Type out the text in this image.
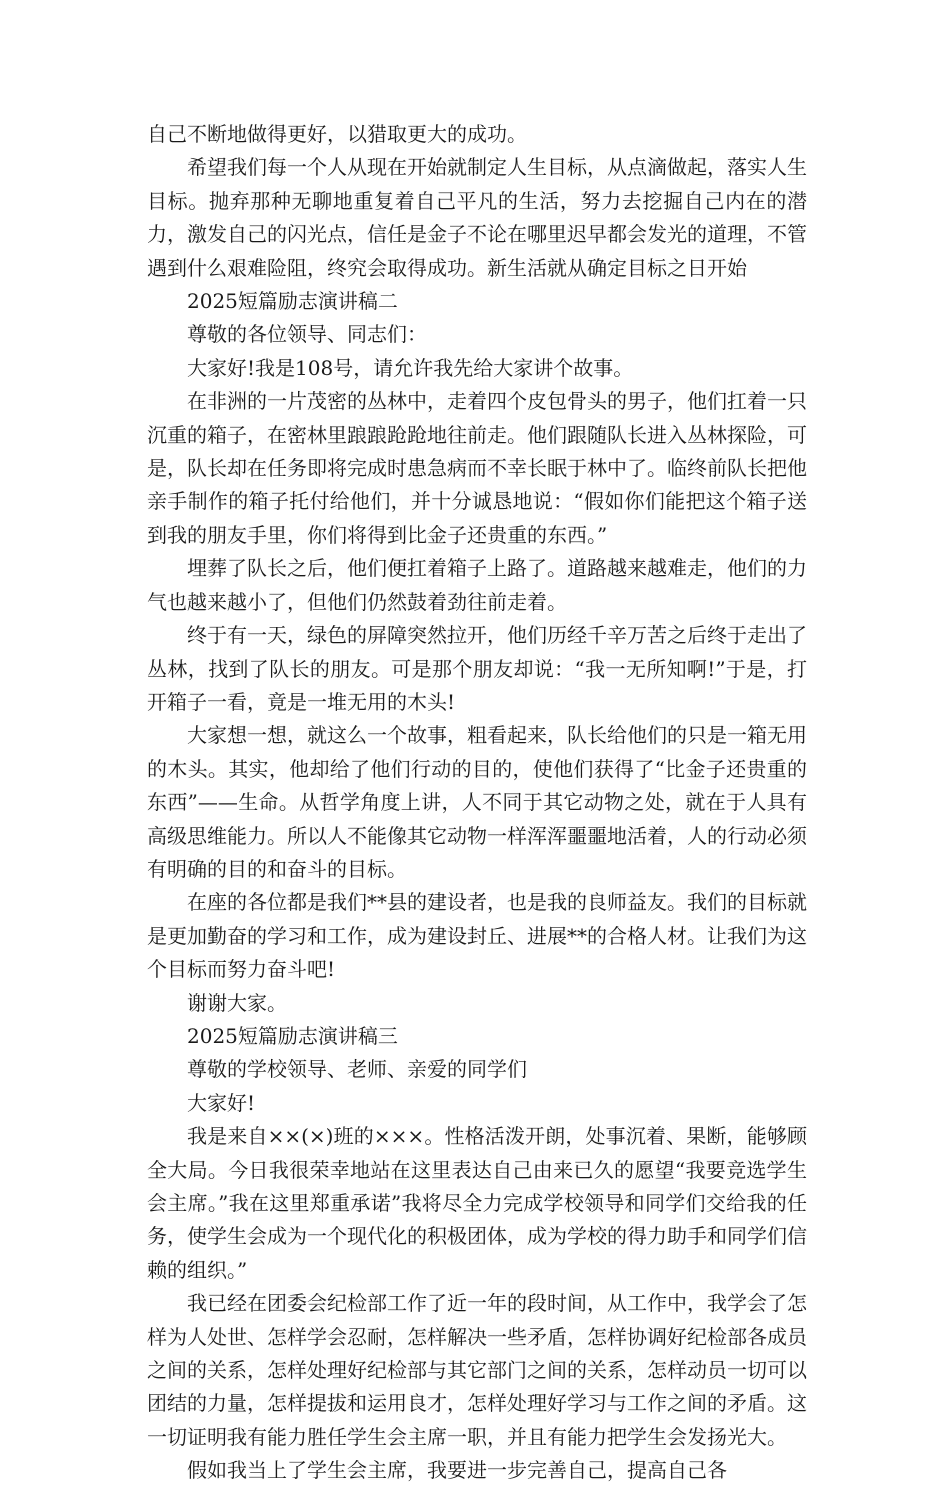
自己不断地做得更好，以猎取更大的成功。

希望我们每一个人从现在开始就制定人生目标，从点滴做起，落实人生目标。抛弃那种无聊地重复着自己平凡的生活，努力去挖掘自己内在的潜力，激发自己的闪光点，信任是金子不论在哪里迟早都会发光的道理，不管遇到什么艰难险阻，终究会取得成功。新生活就从确定目标之日开始

2025短篇励志演讲稿二

尊敬的各位领导、同志们：

大家好!我是108号，请允许我先给大家讲个故事。

在非洲的一片茂密的丛林中，走着四个皮包骨头的男子，他们扛着一只沉重的箱子，在密林里踉踉跄跄地往前走。他们跟随队长进入丛林探险，可是，队长却在任务即将完成时患急病而不幸长眠于林中了。临终前队长把他亲手制作的箱子托付给他们，并十分诚恳地说：“假如你们能把这个箱子送到我的朋友手里，你们将得到比金子还贵重的东西。”

埋葬了队长之后，他们便扛着箱子上路了。道路越来越难走，他们的力气也越来越小了，但他们仍然鼓着劲往前走着。

终于有一天，绿色的屏障突然拉开，他们历经千辛万苦之后终于走出了丛林，找到了队长的朋友。可是那个朋友却说：“我一无所知啊!”于是，打开箱子一看，竟是一堆无用的木头!

大家想一想，就这么一个故事，粗看起来，队长给他们的只是一箱无用的木头。其实，他却给了他们行动的目的，使他们获得了“比金子还贵重的东西”——生命。从哲学角度上讲，人不同于其它动物之处，就在于人具有高级思维能力。所以人不能像其它动物一样浑浑噩噩地活着，人的行动必须有明确的目的和奋斗的目标。

在座的各位都是我们**县的建设者，也是我的良师益友。我们的目标就是更加勤奋的学习和工作，成为建设封丘、进展**的合格人材。让我们为这个目标而努力奋斗吧!

谢谢大家。

2025短篇励志演讲稿三

尊敬的学校领导、老师、亲爱的同学们

大家好!

我是来自××(×)班的×××。性格活泼开朗，处事沉着、果断，能够顾全大局。今日我很荣幸地站在这里表达自己由来已久的愿望“我要竞选学生会主席。”我在这里郑重承诺”我将尽全力完成学校领导和同学们交给我的任务，使学生会成为一个现代化的积极团体，成为学校的得力助手和同学们信赖的组织。”

我已经在团委会纪检部工作了近一年的段时间，从工作中，我学会了怎样为人处世、怎样学会忍耐，怎样解决一些矛盾，怎样协调好纪检部各成员之间的关系，怎样处理好纪检部与其它部门之间的关系，怎样动员一切可以团结的力量，怎样提拔和运用良才，怎样处理好学习与工作之间的矛盾。这一切证明我有能力胜任学生会主席一职，并且有能力把学生会发扬光大。

假如我当上了学生会主席，我要进一步完善自己，提高自己各
